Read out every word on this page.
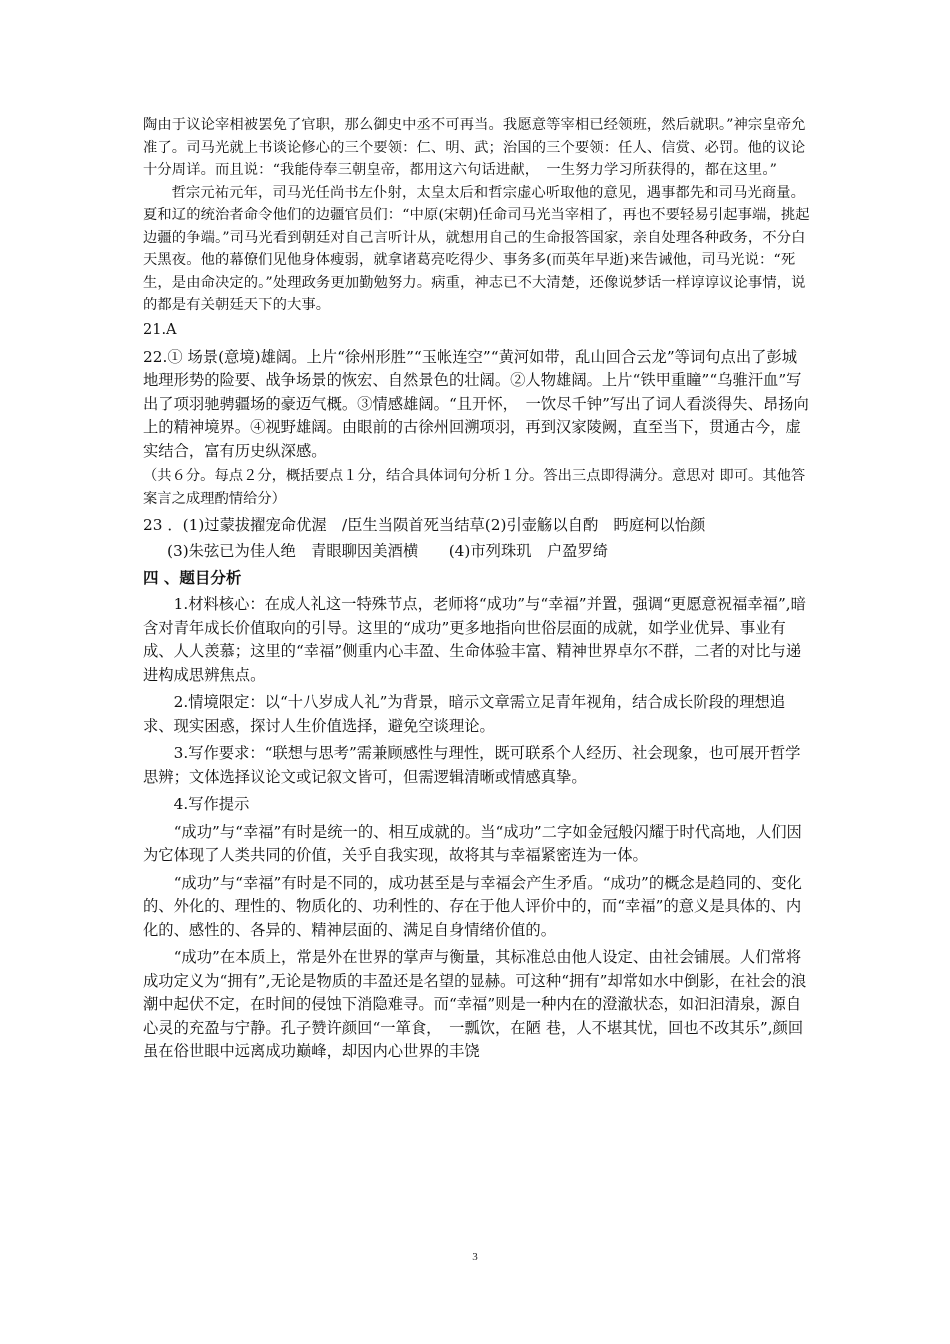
陶由于议论宰相被罢免了官职，那么御史中丞不可再当。我愿意等宰相已经领班，然后就职。”神宗皇帝允准了。司马光就上书谈论修心的三个要领：仁、明、武；治国的三个要领：任人、信赏、必罚。他的议论十分周详。而且说：“我能侍奉三朝皇帝，都用这六句话进献，　一生努力学习所获得的，都在这里。”

哲宗元祐元年，司马光任尚书左仆射，太皇太后和哲宗虚心听取他的意见，遇事都先和司马光商量。夏和辽的统治者命令他们的边疆官员们：“中原(宋朝)任命司马光当宰相了，再也不要轻易引起事端，挑起边疆的争端。”司马光看到朝廷对自己言听计从，就想用自己的生命报答国家，亲自处理各种政务，不分白天黑夜。他的幕僚们见他身体瘦弱，就拿诸葛亮吃得少、事务多(而英年早逝)来告诫他，司马光说：“死生，是由命决定的。”处理政务更加勤勉努力。病重，神志已不大清楚，还像说梦话一样谆谆议论事情，说的都是有关朝廷天下的大事。

21.A

22.① 场景(意境)雄阔。上片“徐州形胜”“玉帐连空”“黄河如带，乱山回合云龙”等词句点出了彭城地理形势的险要、战争场景的恢宏、自然景色的壮阔。②人物雄阔。上片“铁甲重瞳”“乌骓汗血”写出了项羽驰骋疆场的豪迈气概。③情感雄阔。“且开怀，　一饮尽千钟”写出了词人看淡得失、昂扬向上的精神境界。④视野雄阔。由眼前的古徐州回溯项羽，再到汉家陵阙，直至当下，贯通古今，虚实结合，富有历史纵深感。

（共６分。每点２分，概括要点１分，结合具体词句分析１分。答出三点即得满分。意思对 即可。其他答案言之成理酌情给分）

23 ．(1)过蒙拔擢宠命优渥　/臣生当陨首死当结草(2)引壶觞以自酌　眄庭柯以怡颜

(3)朱弦已为佳人绝　青眼聊因美酒横　　(4)市列珠玑　户盈罗绮

四 、题目分析

1.材料核心：在成人礼这一特殊节点，老师将“成功”与“幸福”并置，强调“更愿意祝福幸福”,暗含对青年成长价值取向的引导。这里的“成功”更多地指向世俗层面的成就，如学业优异、事业有成、人人羡慕；这里的“幸福”侧重内心丰盈、生命体验丰富、精神世界卓尔不群，二者的对比与递进构成思辨焦点。

2.情境限定：以“十八岁成人礼”为背景，暗示文章需立足青年视角，结合成长阶段的理想追求、现实困惑，探讨人生价值选择，避免空谈理论。

3.写作要求：“联想与思考”需兼顾感性与理性，既可联系个人经历、社会现象，也可展开哲学思辨；文体选择议论文或记叙文皆可，但需逻辑清晰或情感真挚。

4.写作提示

“成功”与“幸福”有时是统一的、相互成就的。当“成功”二字如金冠般闪耀于时代高地，人们因为它体现了人类共同的价值，关乎自我实现，故将其与幸福紧密连为一体。

“成功”与“幸福”有时是不同的，成功甚至是与幸福会产生矛盾。“成功”的概念是趋同的、变化的、外化的、理性的、物质化的、功利性的、存在于他人评价中的，而“幸福”的意义是具体的、内化的、感性的、各异的、精神层面的、满足自身情绪价值的。

“成功”在本质上，常是外在世界的掌声与衡量，其标准总由他人设定、由社会铺展。人们常将成功定义为“拥有”,无论是物质的丰盈还是名望的显赫。可这种“拥有”却常如水中倒影，在社会的浪潮中起伏不定，在时间的侵蚀下消隐难寻。而“幸福”则是一种内在的澄澈状态，如汩汩清泉，源自心灵的充盈与宁静。孔子赞许颜回“一箪食，　一瓢饮，在陋 巷，人不堪其忧，回也不改其乐”,颜回虽在俗世眼中远离成功巅峰，却因内心世界的丰饶

3
